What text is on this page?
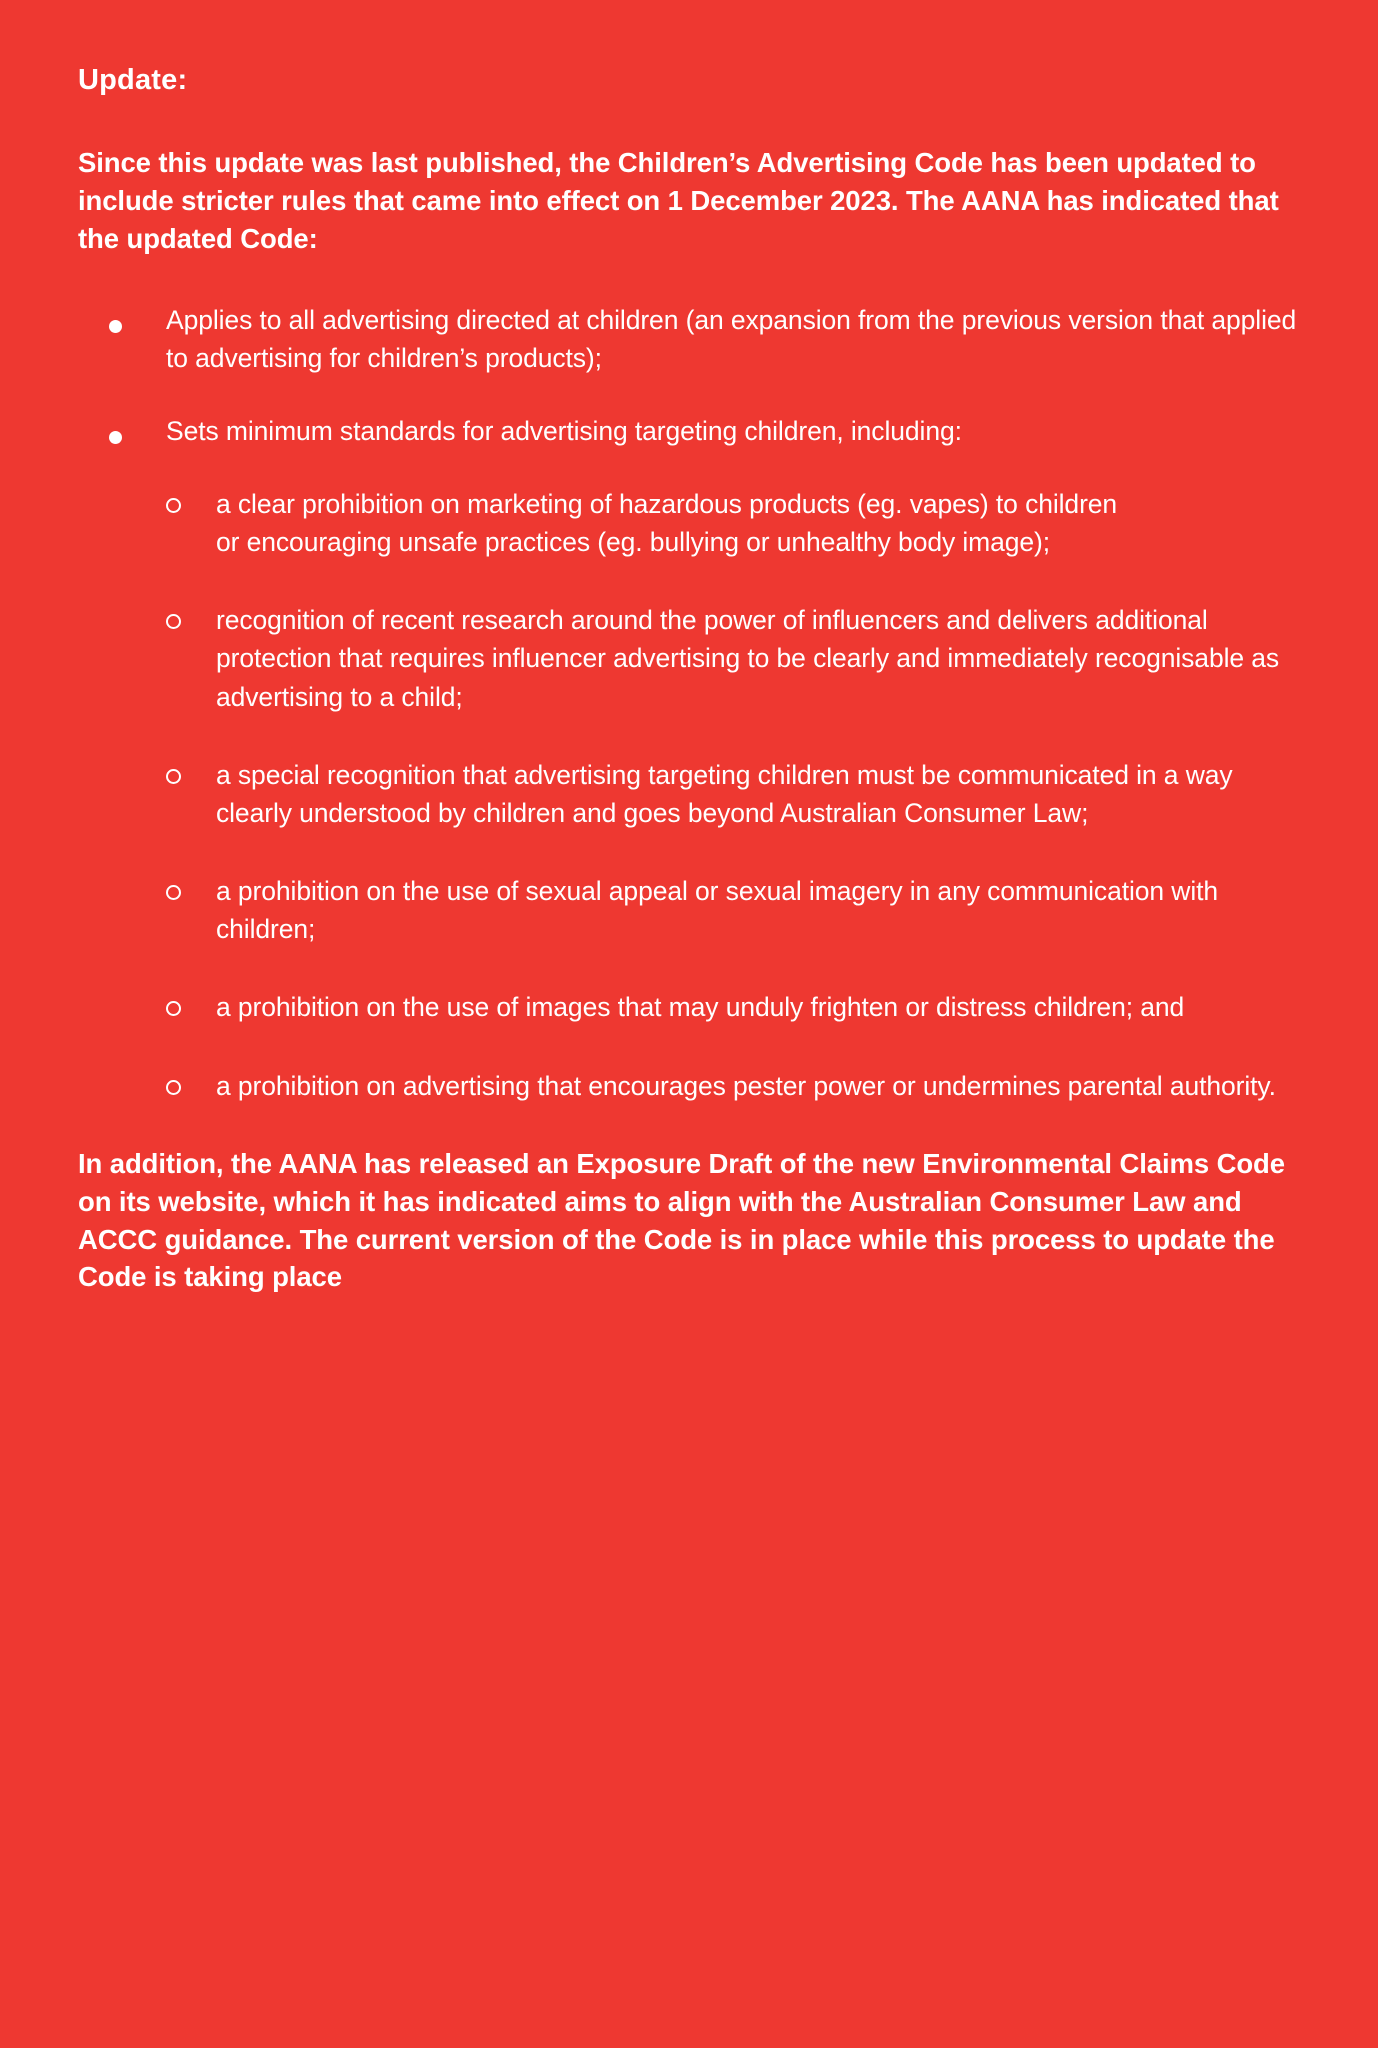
Update:

Since this update was last published, the Children’s Advertising Code has been updated to include stricter rules that came into effect on 1 December 2023. The AANA has indicated that the updated Code:

Applies to all advertising directed at children (an expansion from the previous version that applied to advertising for children’s products);
Sets minimum standards for advertising targeting children, including:
a clear prohibition on marketing of hazardous products (eg. vapes) to children
or encouraging unsafe practices (eg. bullying or unhealthy body image);
recognition of recent research around the power of influencers and delivers additional protection that requires influencer advertising to be clearly and immediately recognisable as advertising to a child;
a special recognition that advertising targeting children must be communicated in a way clearly understood by children and goes beyond Australian Consumer Law;
a prohibition on the use of sexual appeal or sexual imagery in any communication with children;
a prohibition on the use of images that may unduly frighten or distress children; and
a prohibition on advertising that encourages pester power or undermines parental authority.

In addition, the AANA has released an Exposure Draft of the new Environmental Claims Code on its website, which it has indicated aims to align with the Australian Consumer Law and ACCC guidance. The current version of the Code is in place while this process to update the Code is taking place
